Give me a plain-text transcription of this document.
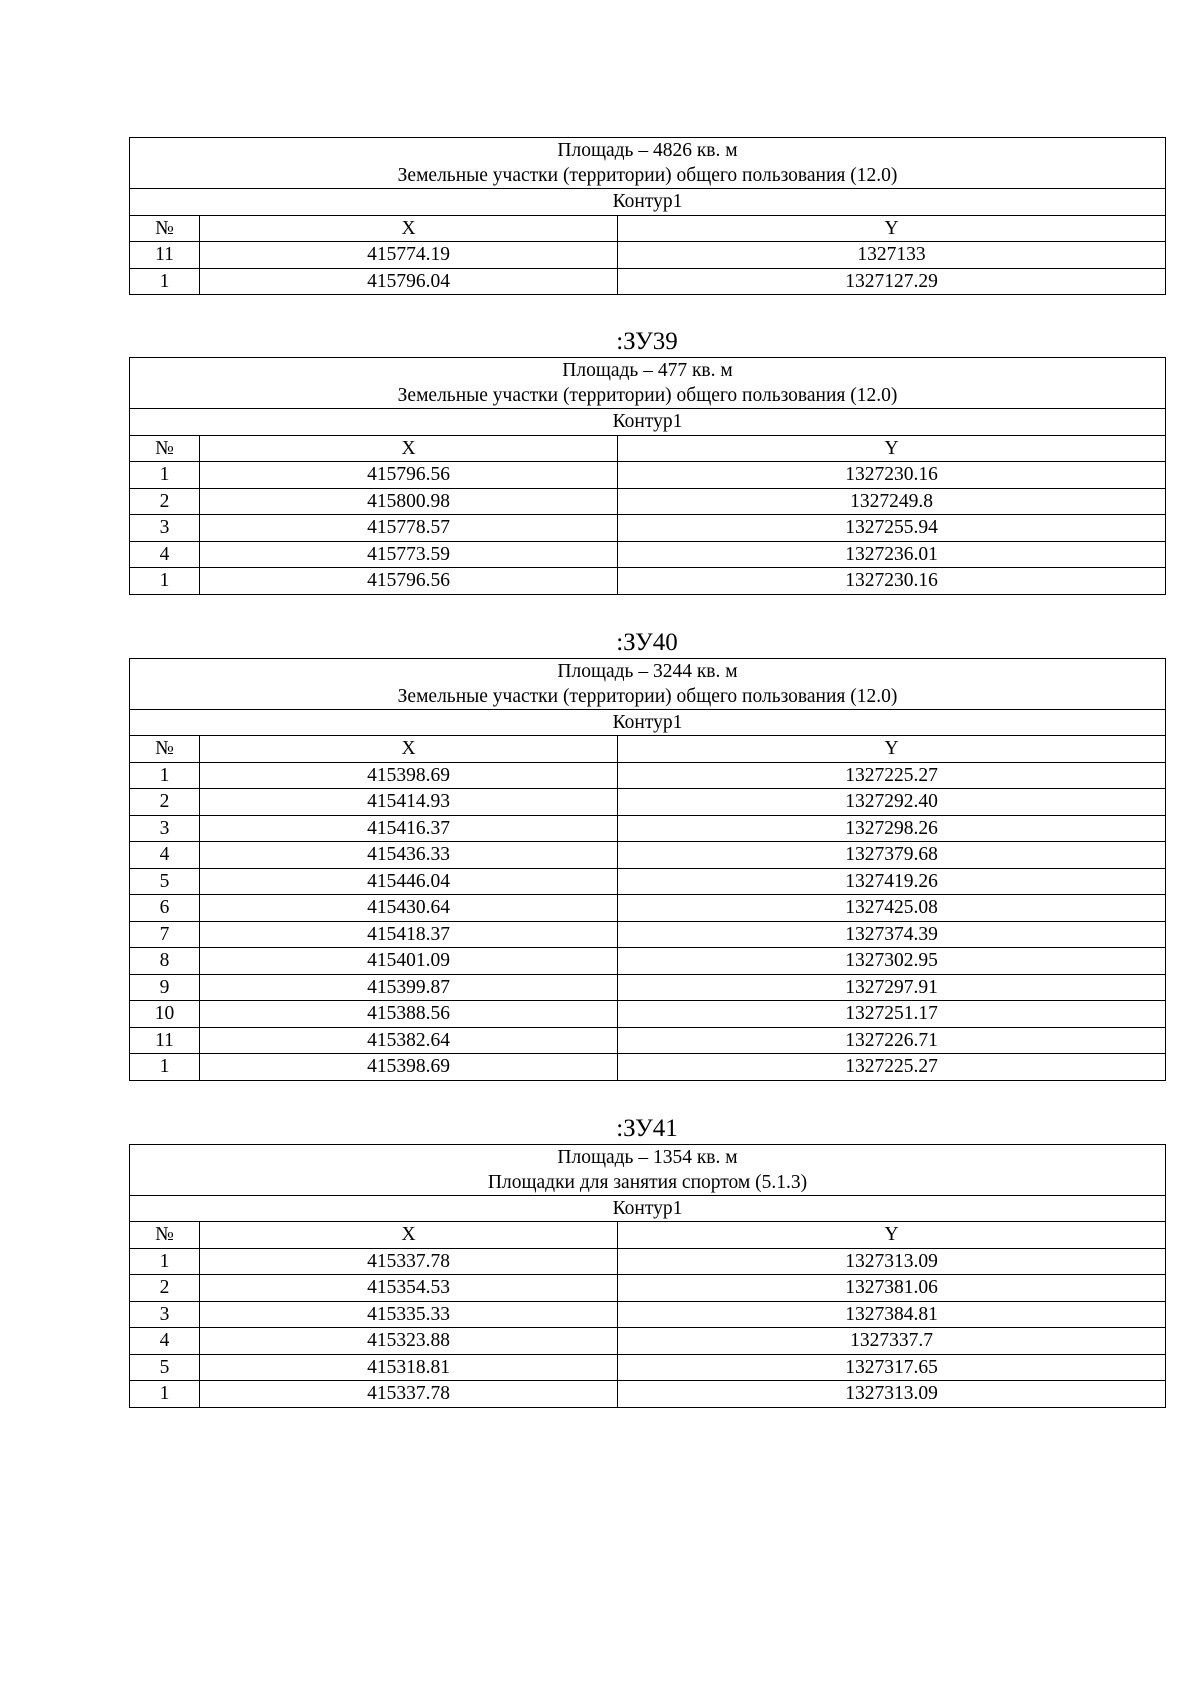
Площадь – 4826 кв. м
Земельные участки (территории) общего пользования (12.0)		

Контур1		
№	X	Y
11	415774.19	1327133
1	415796.04	1327127.29
:ЗУ39
Площадь – 477 кв. м
Земельные участки (территории) общего пользования (12.0)		

Контур1		
№	X	Y
1	415796.56	1327230.16
2	415800.98	1327249.8
3	415778.57	1327255.94
4	415773.59	1327236.01
1	415796.56	1327230.16
:ЗУ40
Площадь – 3244 кв. м
Земельные участки (территории) общего пользования (12.0)		

Контур1		
№	X	Y
1	415398.69	1327225.27
2	415414.93	1327292.40
3	415416.37	1327298.26
4	415436.33	1327379.68
5	415446.04	1327419.26
6	415430.64	1327425.08
7	415418.37	1327374.39
8	415401.09	1327302.95
9	415399.87	1327297.91
10	415388.56	1327251.17
11	415382.64	1327226.71
1	415398.69	1327225.27
:ЗУ41
Площадь – 1354 кв. м
Площадки для занятия спортом (5.1.3)		

Контур1		
№	X	Y
1	415337.78	1327313.09
2	415354.53	1327381.06
3	415335.33	1327384.81
4	415323.88	1327337.7
5	415318.81	1327317.65
1	415337.78	1327313.09
